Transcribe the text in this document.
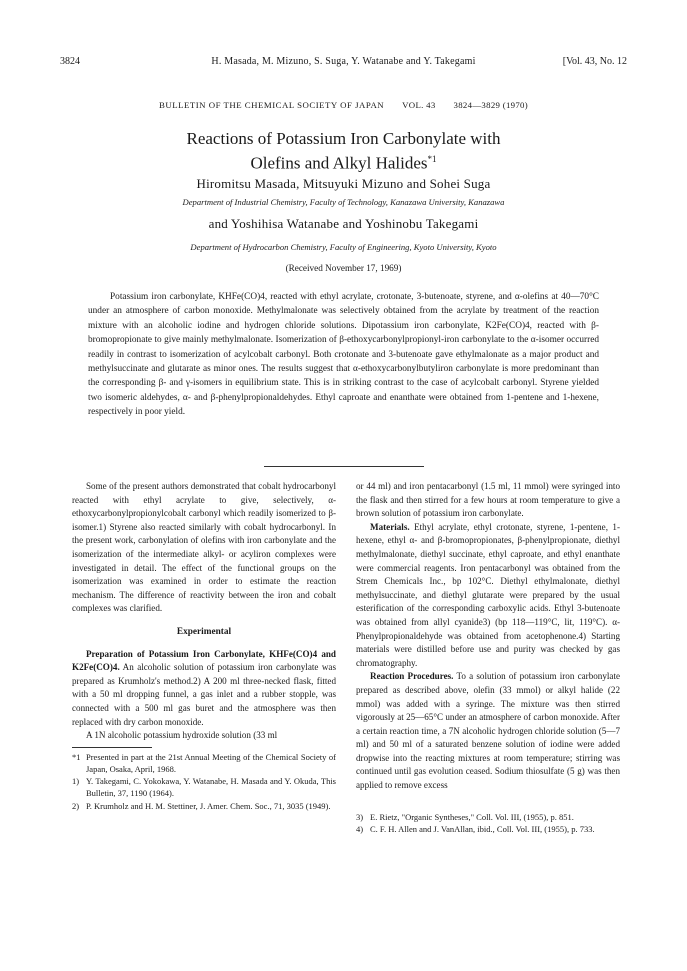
3824	H. Masada, M. Mizuno, S. Suga, Y. Watanabe and Y. Takegami	[Vol. 43, No. 12
BULLETIN OF THE CHEMICAL SOCIETY OF JAPAN VOL. 43 3824—3829 (1970)
Reactions of Potassium Iron Carbonylate with
Olefins and Alkyl Halides$^{*1}$
Hiromitsu Masada, Mitsuyuki Mizuno and Sohei Suga
Department of Industrial Chemistry, Faculty of Technology, Kanazawa University, Kanazawa
and Yoshihisa Watanabe and Yoshinobu Takegami
Department of Hydrocarbon Chemistry, Faculty of Engineering, Kyoto University, Kyoto
(Received November 17, 1969)

Potassium iron carbonylate, KHFe(CO)4, reacted with ethyl acrylate, crotonate, 3-butenoate, styrene, and α-olefins at 40—70°C under an atmosphere of carbon monoxide. Methylmalonate was selectively obtained from the acrylate by treatment of the reaction mixture with an alcoholic iodine and hydrogen chloride solutions. Dipotassium iron carbonylate, K2Fe(CO)4, reacted with β-bromopropionate to give mainly methylmalonate. Isomerization of β-ethoxycarbonylpropionyl-iron carbonylate to the α-isomer occurred readily in contrast to isomerization of acylcobalt carbonyl. Both crotonate and 3-butenoate gave ethylmalonate as a major product and methylsuccinate and glutarate as minor ones. The results suggest that α-ethoxycarbonylbutyliron carbonylate is more predominant than the corresponding β- and γ-isomers in equilibrium state. This is in striking contrast to the case of acylcobalt carbonyl. Styrene yielded two isomeric aldehydes, α- and β-phenylpropionaldehydes. Ethyl caproate and enanthate were obtained from 1-pentene and 1-hexene, respectively in poor yield.

Some of the present authors demonstrated that cobalt hydrocarbonyl reacted with ethyl acrylate to give, selectively, α-ethoxycarbonylpropionylcobalt carbonyl which readily isomerized to β-isomer.1) Styrene also reacted similarly with cobalt hydrocarbonyl. In the present work, carbonylation of olefins with iron carbonylate and the isomerization of the intermediate alkyl- or acyliron complexes were investigated in detail. The effect of the functional groups on the isomerization was examined in order to estimate the reaction mechanism. The difference of reactivity between the iron and cobalt complexes was clarified.

Experimental

Preparation of Potassium Iron Carbonylate, KHFe(CO)4 and K2Fe(CO)4. An alcoholic solution of potassium iron carbonylate was prepared as Krumholz's method.2) A 200 ml three-necked flask, fitted with a 50 ml dropping funnel, a gas inlet and a rubber stopple, was connected with a 500 ml gas buret and the atmosphere was then replaced with dry carbon monoxide.

A 1N alcoholic potassium hydroxide solution (33 ml

*1 Presented in part at the 21st Annual Meeting of the Chemical Society of Japan, Osaka, April, 1968.

1) Y. Takegami, C. Yokokawa, Y. Watanabe, H. Masada and Y. Okuda, This Bulletin, 37, 1190 (1964).

2) P. Krumholz and H. M. Stettiner, J. Amer. Chem. Soc., 71, 3035 (1949).

or 44 ml) and iron pentacarbonyl (1.5 ml, 11 mmol) were syringed into the flask and then stirred for a few hours at room temperature to give a brown solution of potassium iron carbonylate.

Materials. Ethyl acrylate, ethyl crotonate, styrene, 1-pentene, 1-hexene, ethyl α- and β-bromopropionates, β-phenylpropionate, diethyl methylmalonate, diethyl succinate, ethyl caproate, and ethyl enanthate were commercial reagents. Iron pentacarbonyl was obtained from the Strem Chemicals Inc., bp 102°C. Diethyl ethylmalonate, diethyl methylsuccinate, and diethyl glutarate were prepared by the usual esterification of the corresponding carboxylic acids. Ethyl 3-butenoate was obtained from allyl cyanide3) (bp 118—119°C, lit, 119°C). α-Phenylpropionaldehyde was obtained from acetophenone.4) Starting materials were distilled before use and purity was checked by gas chromatography.

Reaction Procedures. To a solution of potassium iron carbonylate prepared as described above, olefin (33 mmol) or alkyl halide (22 mmol) was added with a syringe. The mixture was then stirred vigorously at 25—65°C under an atmosphere of carbon monoxide. After a certain reaction time, a 7N alcoholic hydrogen chloride solution (5—7 ml) and 50 ml of a saturated benzene solution of iodine were added dropwise into the reacting mixtures at room temperature; stirring was continued until gas evolution ceased. Sodium thiosulfate (5 g) was then applied to remove excess

3) E. Rietz, "Organic Syntheses," Coll. Vol. III, (1955), p. 851.

4) C. F. H. Allen and J. VanAllan, ibid., Coll. Vol. III, (1955), p. 733.
